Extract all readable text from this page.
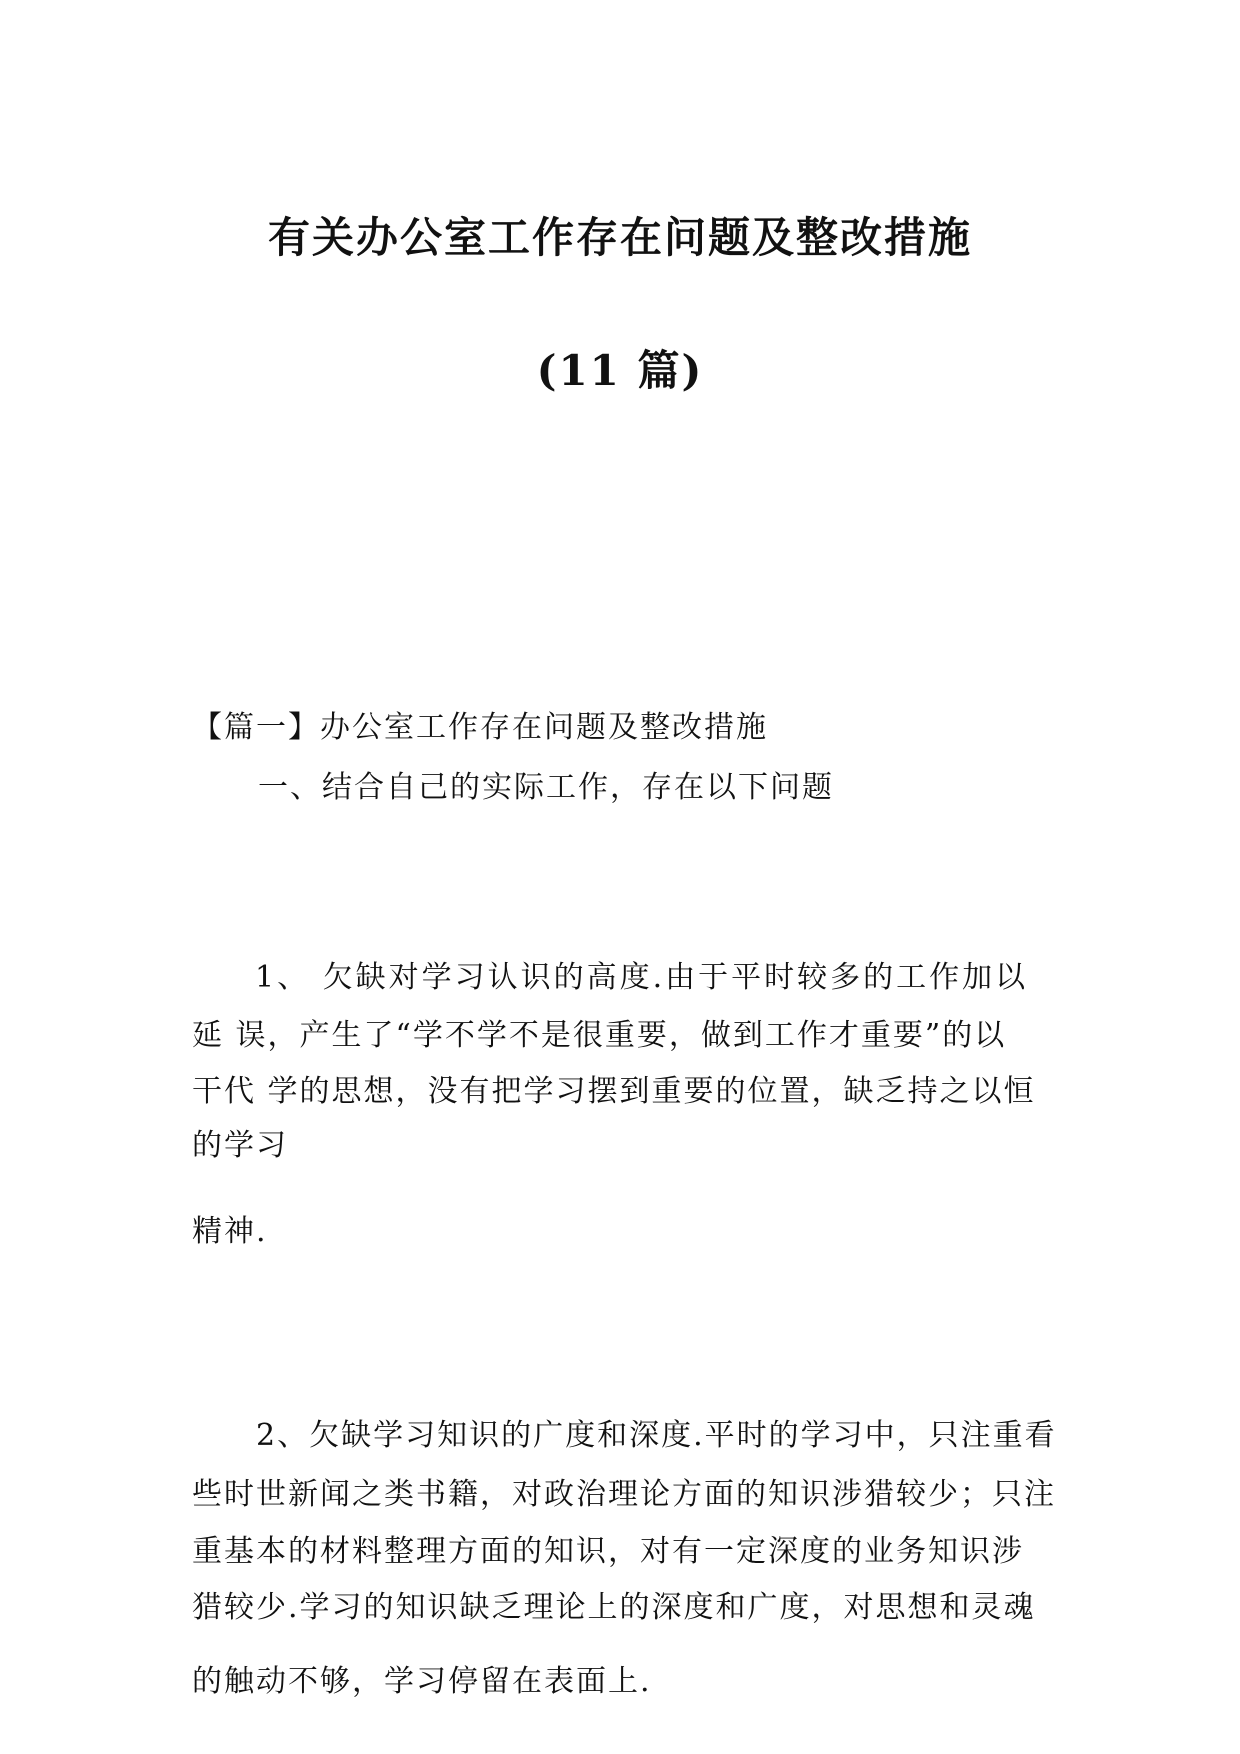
有关办公室工作存在问题及整改措施
(11 篇)
【篇一】办公室工作存在问题及整改措施
一、结合自己的实际工作，存在以下问题
1、 欠缺对学习认识的高度.由于平时较多的工作加以
延 误，产生了“学不学不是很重要，做到工作才重要”的以
干代 学的思想，没有把学习摆到重要的位置，缺乏持之以恒
的学习
精神.
2、欠缺学习知识的广度和深度.平时的学习中，只注重看
些时世新闻之类书籍，对政治理论方面的知识涉猎较少；只注
重基本的材料整理方面的知识，对有一定深度的业务知识涉
猎较少.学习的知识缺乏理论上的深度和广度，对思想和灵魂
的触动不够，学习停留在表面上.
